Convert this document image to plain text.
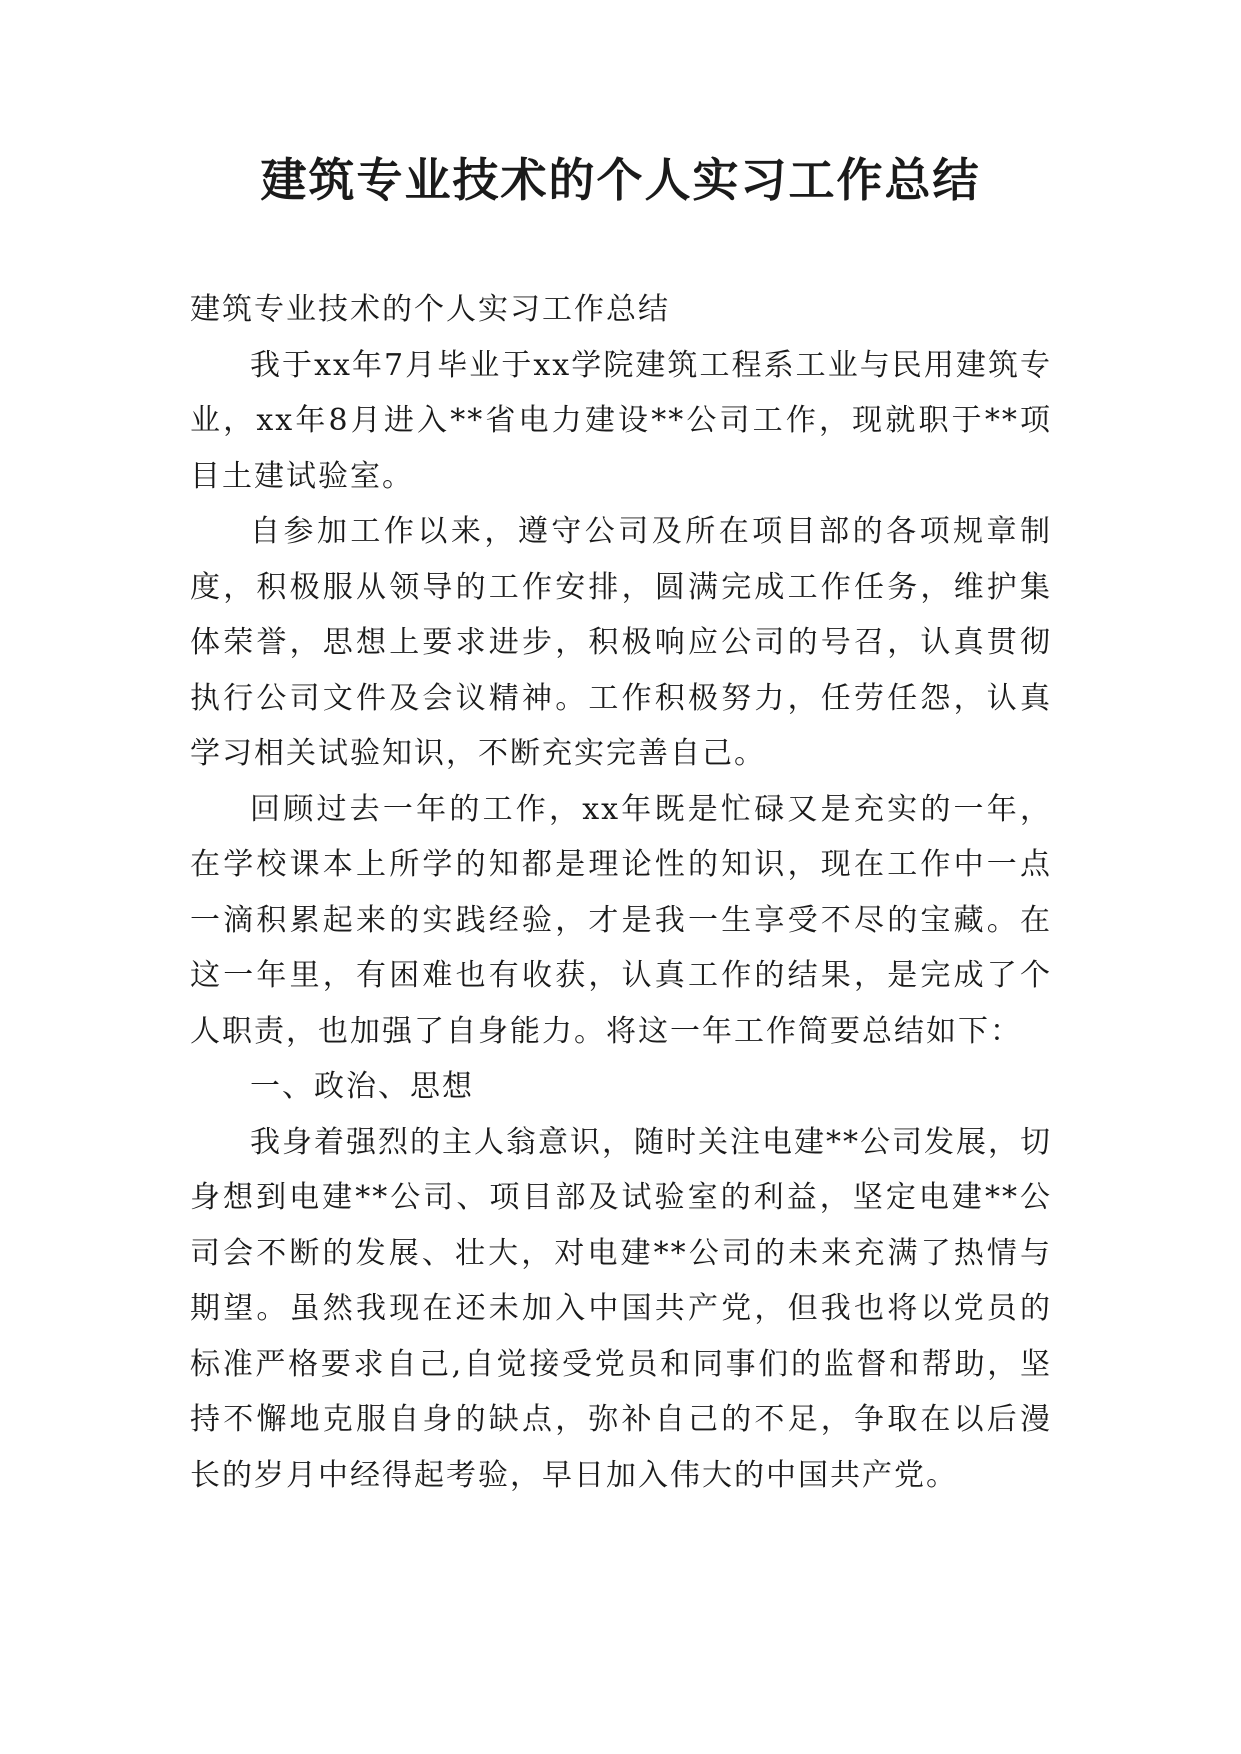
建筑专业技术的个人实习工作总结

建筑专业技术的个人实习工作总结

我于xx年7月毕业于xx学院建筑工程系工业与民用建筑专业，xx年8月进入**省电力建设**公司工作，现就职于**项目土建试验室。

自参加工作以来，遵守公司及所在项目部的各项规章制度，积极服从领导的工作安排，圆满完成工作任务，维护集体荣誉，思想上要求进步，积极响应公司的号召，认真贯彻执行公司文件及会议精神。工作积极努力，任劳任怨，认真学习相关试验知识，不断充实完善自己。

回顾过去一年的工作，xx年既是忙碌又是充实的一年，在学校课本上所学的知都是理论性的知识，现在工作中一点一滴积累起来的实践经验，才是我一生享受不尽的宝藏。在这一年里，有困难也有收获，认真工作的结果，是完成了个人职责，也加强了自身能力。将这一年工作简要总结如下：

一、政治、思想

我身着强烈的主人翁意识，随时关注电建**公司发展，切身想到电建**公司、项目部及试验室的利益，坚定电建**公司会不断的发展、壮大，对电建**公司的未来充满了热情与期望。虽然我现在还未加入中国共产党，但我也将以党员的标准严格要求自己,自觉接受党员和同事们的监督和帮助，坚持不懈地克服自身的缺点，弥补自己的不足，争取在以后漫长的岁月中经得起考验，早日加入伟大的中国共产党。
